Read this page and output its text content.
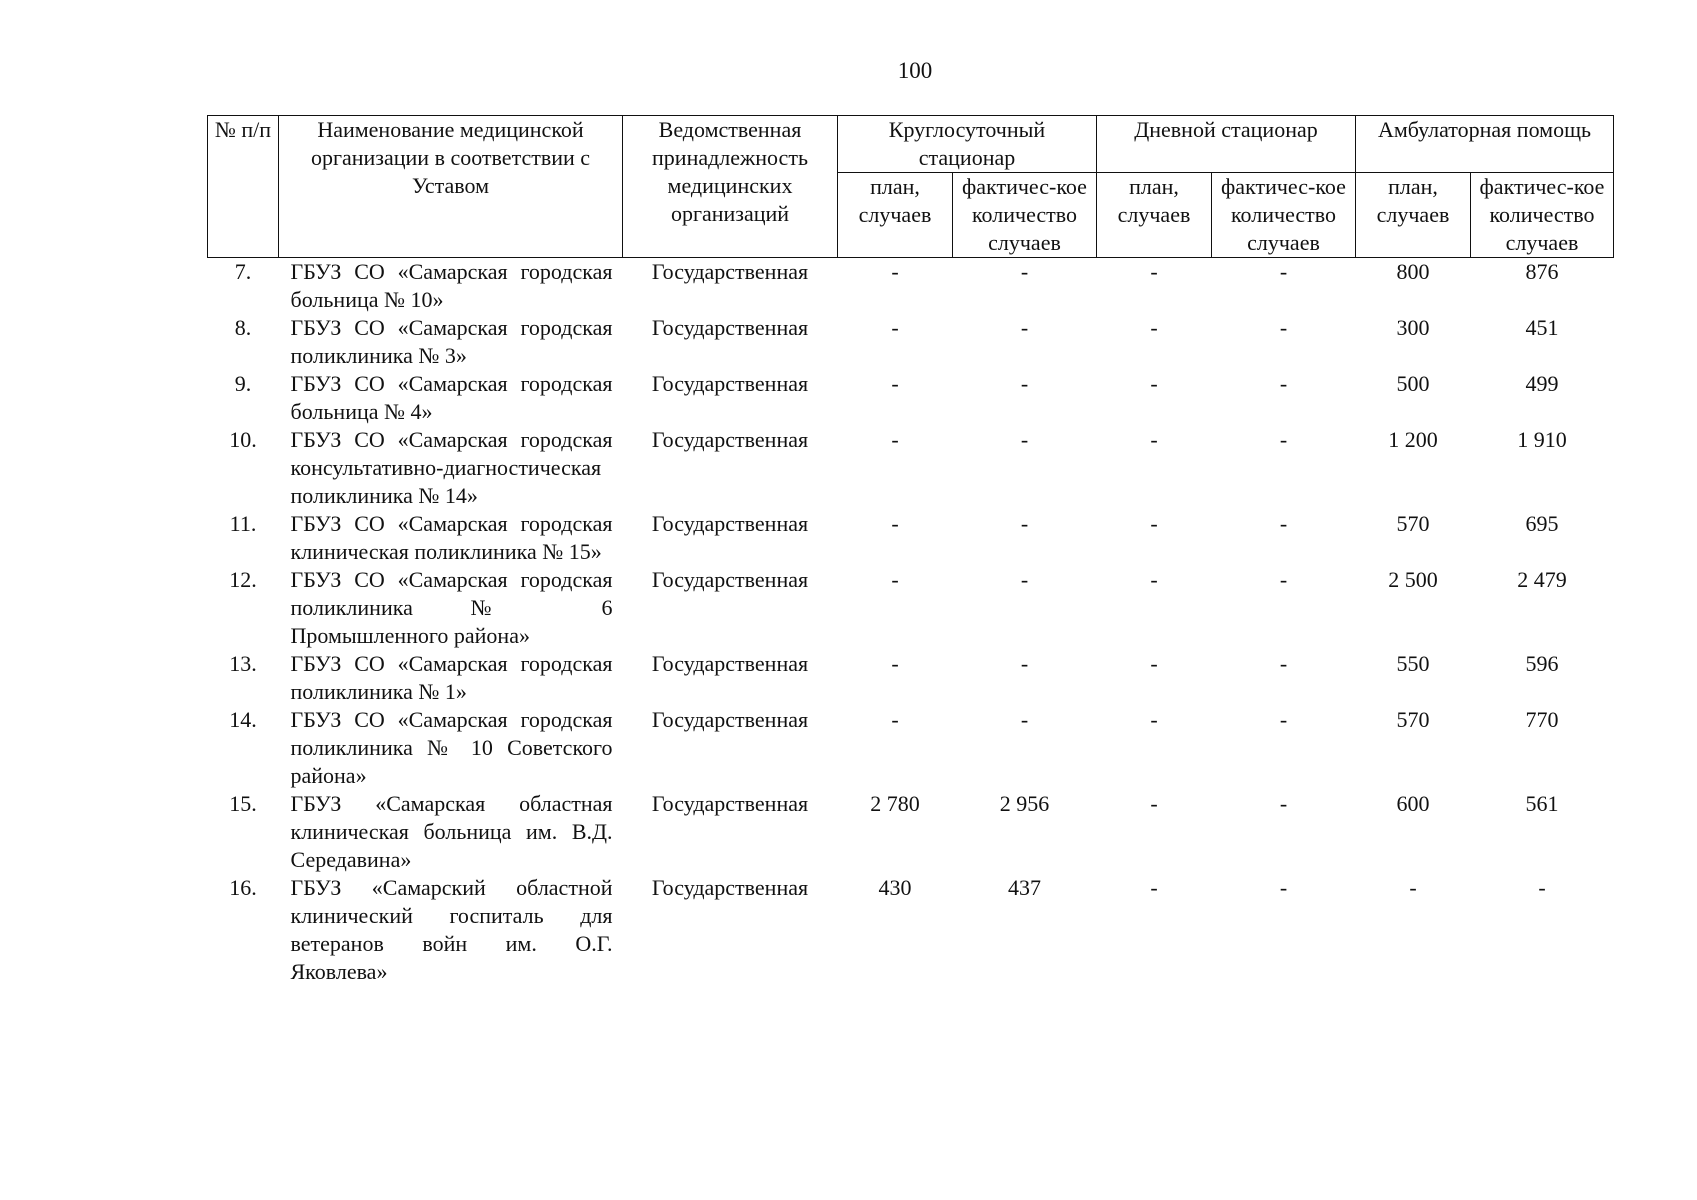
100
№ п/п	Наименование медицинской организации в соответствии с Уставом	Ведомственная принадлежность медицинских организаций	Круглосуточный стационар		Дневной стационар		Амбулаторная помощь	
			план, случаев	фактичес-кое количество случаев	план, случаев	фактичес-кое количество случаев	план, случаев	фактичес-кое количество случаев
7.	ГБУЗ СО «Самарская городская больница № 10»	Государственная	-	-	-	-	800	876
8.	ГБУЗ СО «Самарская городская поликлиника № 3»	Государственная	-	-	-	-	300	451
9.	ГБУЗ СО «Самарская городская больница № 4»	Государственная	-	-	-	-	500	499
10.	ГБУЗ СО «Самарская городская консультативно-диагностическая поликлиника № 14»	Государственная	-	-	-	-	1 200	1 910
11.	ГБУЗ СО «Самарская городская клиническая поликлиника № 15»	Государственная	-	-	-	-	570	695
12.	ГБУЗ СО «Самарская городская поликлиника № 6 Промышленного района»	Государственная	-	-	-	-	2 500	2 479
13.	ГБУЗ СО «Самарская городская поликлиника № 1»	Государственная	-	-	-	-	550	596
14.	ГБУЗ СО «Самарская городская поликлиника № 10 Советского района»	Государственная	-	-	-	-	570	770
15.	ГБУЗ «Самарская областная клиническая больница им. В.Д. Середавина»	Государственная	2 780	2 956	-	-	600	561
16.	ГБУЗ «Самарский областной клинический госпиталь для ветеранов войн им. О.Г. Яковлева»	Государственная	430	437	-	-	-	-
